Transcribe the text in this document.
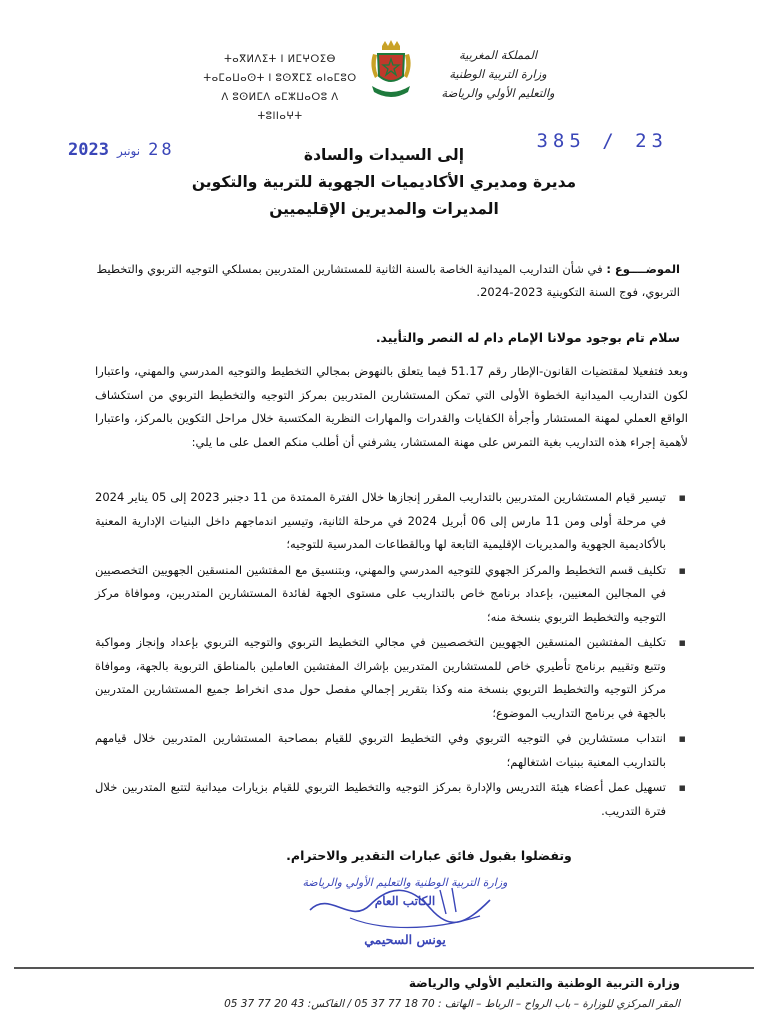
المملكة المغربية
وزارة التربية الوطنية
والتعليم الأولي والرياضة
ⵜⴰⴳⵍⴷⵉⵜ ⵏ ⵍⵎⵖⵔⵉⴱ
ⵜⴰⵎⴰⵡⴰⵙⵜ ⵏ ⵓⵙⴳⵎⵉ ⴰⵏⴰⵎⵓⵔ
ⴷ ⵓⵙⵍⵎⴷ ⴰⵎⵣⵡⴰⵔⵓ ⴷ ⵜⵓⵏⵏⴰⵖⵜ
385 / 23
2023 نونبر 28	إلى السيدات والسادة
مديرة ومديري الأكاديميات الجهوية للتربية والتكوين
المديرات والمديرين الإقليميين
الموضــــوع : في شأن التداريب الميدانية الخاصة بالسنة الثانية للمستشارين المتدربين بمسلكي التوجيه التربوي والتخطيط التربوي، فوج السنة التكوينية 2023-2024.
سلام تام بوجود مولانا الإمام دام له النصر والتأييد.
وبعد فتفعيلا لمقتضيات القانون-الإطار رقم 51.17 فيما يتعلق بالنهوض بمجالي التخطيط والتوجيه المدرسي والمهني، واعتبارا لكون التداريب الميدانية الخطوة الأولى التي تمكن المستشارين المتدربين بمركز التوجيه والتخطيط التربوي من استكشاف الواقع العملي لمهنة المستشار وأجرأة الكفايات والقدرات والمهارات النظرية المكتسبة خلال مراحل التكوين بالمركز، واعتبارا لأهمية إجراء هذه التداريب بغية التمرس على مهنة المستشار، يشرفني أن أطلب منكم العمل على ما يلي:
▪ تيسير قيام المستشارين المتدربين بالتداريب المقرر إنجازها خلال الفترة الممتدة من 11 دجنبر 2023 إلى 05 يناير 2024 في مرحلة أولى ومن 11 مارس إلى 06 أبريل 2024 في مرحلة الثانية، وتيسير اندماجهم داخل البنيات الإدارية المعنية بالأكاديمية الجهوية والمديريات الإقليمية التابعة لها وبالقطاعات المدرسية للتوجيه؛
▪ تكليف قسم التخطيط والمركز الجهوي للتوجيه المدرسي والمهني، وبتنسيق مع المفتشين المنسقين الجهويين التخصصيين في المجالين المعنيين، بإعداد برنامج خاص بالتداريب على مستوى الجهة لفائدة المستشارين المتدربين، وموافاة مركز التوجيه والتخطيط التربوي بنسخة منه؛
▪ تكليف المفتشين المنسقين الجهويين التخصصيين في مجالي التخطيط التربوي والتوجيه التربوي بإعداد وإنجاز ومواكبة وتتبع وتقييم برنامج تأطيري خاص للمستشارين المتدربين بإشراك المفتشين العاملين بالمناطق التربوية بالجهة، وموافاة مركز التوجيه والتخطيط التربوي بنسخة منه وكذا بتقرير إجمالي مفصل حول مدى انخراط جميع المستشارين المتدربين بالجهة في برنامج التداريب الموضوع؛
▪ انتداب مستشارين في التوجيه التربوي وفي التخطيط التربوي للقيام بمصاحبة المستشارين المتدربين خلال قيامهم بالتداريب المعنية ببنيات اشتغالهم؛
▪ تسهيل عمل أعضاء هيئة التدريس والإدارة بمركز التوجيه والتخطيط التربوي للقيام بزيارات ميدانية لتتبع المتدربين خلال فترة التدريب.
وتفضلوا بقبول فائق عبارات التقدير والاحترام.
وزارة التربية الوطنية والتعليم الأولي والرياضة
الكاتب العام
يونس السحيمي
وزارة التربية الوطنية والتعليم الأولي والرياضة
المقر المركزي للوزارة – باب الرواح – الرباط – الهاتف : 70 18 77 37 05 / الفاكس: 43 20 77 37 05
